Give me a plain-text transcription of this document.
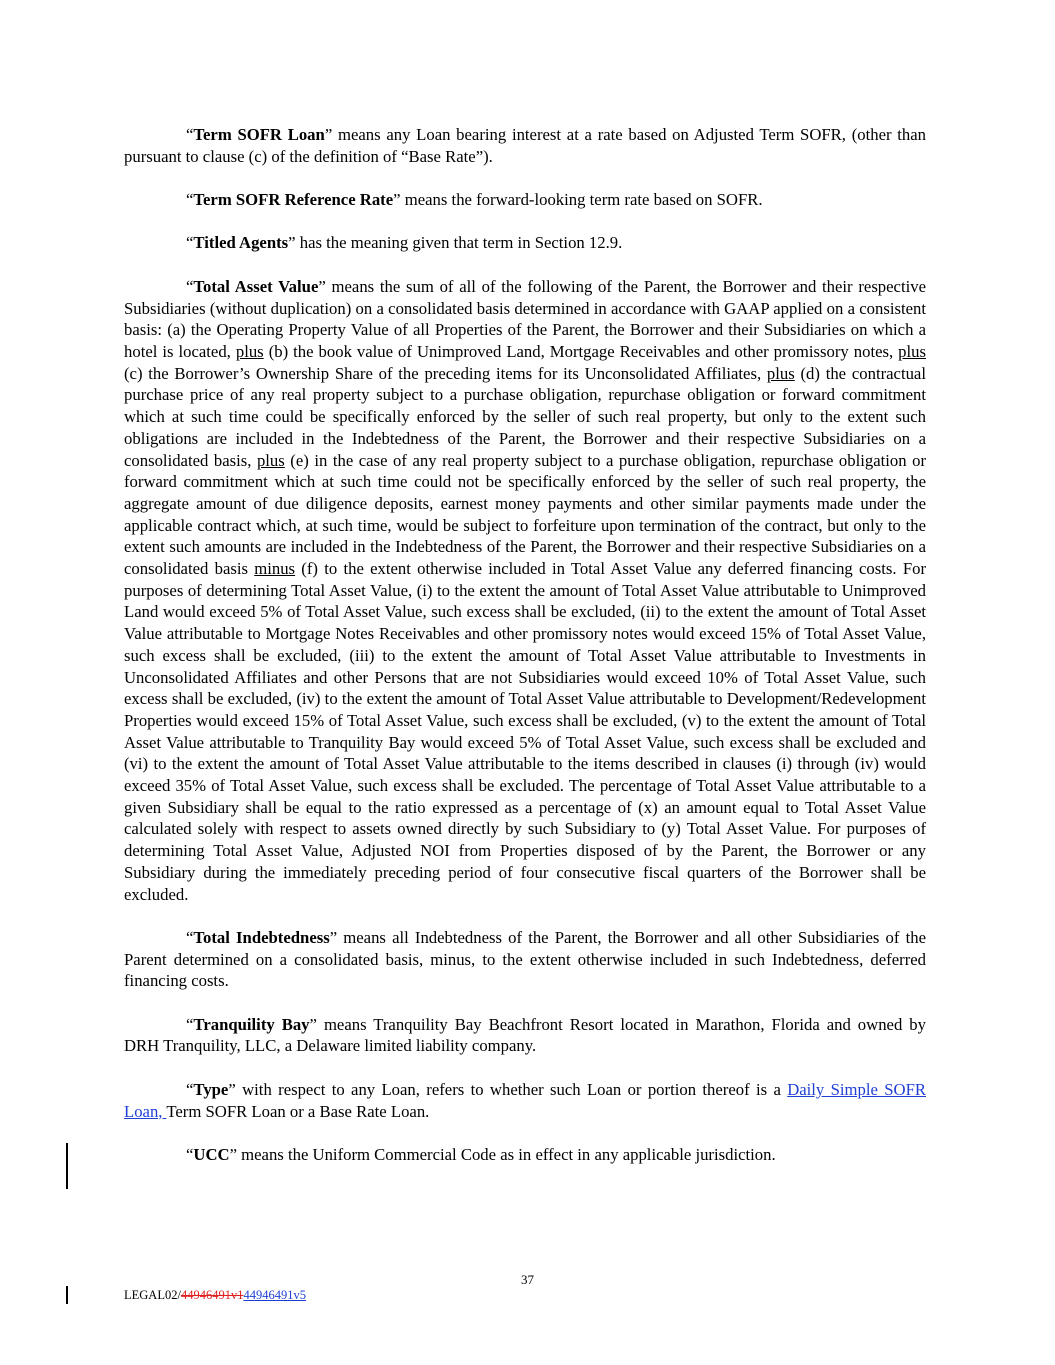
“Term SOFR Loan” means any Loan bearing interest at a rate based on Adjusted Term SOFR, (other than pursuant to clause (c) of the definition of “Base Rate”).

“Term SOFR Reference Rate” means the forward-looking term rate based on SOFR.

“Titled Agents” has the meaning given that term in Section 12.9.

“Total Asset Value” means the sum of all of the following of the Parent, the Borrower and their respective Subsidiaries (without duplication) on a consolidated basis determined in accordance with GAAP applied on a consistent basis: (a) the Operating Property Value of all Properties of the Parent, the Borrower and their Subsidiaries on which a hotel is located, plus (b) the book value of Unimproved Land, Mortgage Receivables and other promissory notes, plus (c) the Borrower’s Ownership Share of the preceding items for its Unconsolidated Affiliates, plus (d) the contractual purchase price of any real property subject to a purchase obligation, repurchase obligation or forward commitment which at such time could be specifically enforced by the seller of such real property, but only to the extent such obligations are included in the Indebtedness of the Parent, the Borrower and their respective Subsidiaries on a consolidated basis, plus (e) in the case of any real property subject to a purchase obligation, repurchase obligation or forward commitment which at such time could not be specifically enforced by the seller of such real property, the aggregate amount of due diligence deposits, earnest money payments and other similar payments made under the applicable contract which, at such time, would be subject to forfeiture upon termination of the contract, but only to the extent such amounts are included in the Indebtedness of the Parent, the Borrower and their respective Subsidiaries on a consolidated basis minus (f) to the extent otherwise included in Total Asset Value any deferred financing costs. For purposes of determining Total Asset Value, (i) to the extent the amount of Total Asset Value attributable to Unimproved Land would exceed 5% of Total Asset Value, such excess shall be excluded, (ii) to the extent the amount of Total Asset Value attributable to Mortgage Notes Receivables and other promissory notes would exceed 15% of Total Asset Value, such excess shall be excluded, (iii) to the extent the amount of Total Asset Value attributable to Investments in Unconsolidated Affiliates and other Persons that are not Subsidiaries would exceed 10% of Total Asset Value, such excess shall be excluded, (iv) to the extent the amount of Total Asset Value attributable to Development/Redevelopment Properties would exceed 15% of Total Asset Value, such excess shall be excluded, (v) to the extent the amount of Total Asset Value attributable to Tranquility Bay would exceed 5% of Total Asset Value, such excess shall be excluded and (vi) to the extent the amount of Total Asset Value attributable to the items described in clauses (i) through (iv) would exceed 35% of Total Asset Value, such excess shall be excluded. The percentage of Total Asset Value attributable to a given Subsidiary shall be equal to the ratio expressed as a percentage of (x) an amount equal to Total Asset Value calculated solely with respect to assets owned directly by such Subsidiary to (y) Total Asset Value. For purposes of determining Total Asset Value, Adjusted NOI from Properties disposed of by the Parent, the Borrower or any Subsidiary during the immediately preceding period of four consecutive fiscal quarters of the Borrower shall be excluded.

“Total Indebtedness” means all Indebtedness of the Parent, the Borrower and all other Subsidiaries of the Parent determined on a consolidated basis, minus, to the extent otherwise included in such Indebtedness, deferred financing costs.

“Tranquility Bay” means Tranquility Bay Beachfront Resort located in Marathon, Florida and owned by DRH Tranquility, LLC, a Delaware limited liability company.

“Type” with respect to any Loan, refers to whether such Loan or portion thereof is a Daily Simple SOFR Loan, Term SOFR Loan or a Base Rate Loan.

“UCC” means the Uniform Commercial Code as in effect in any applicable jurisdiction.

37
LEGAL02/44946491v144946491v5
